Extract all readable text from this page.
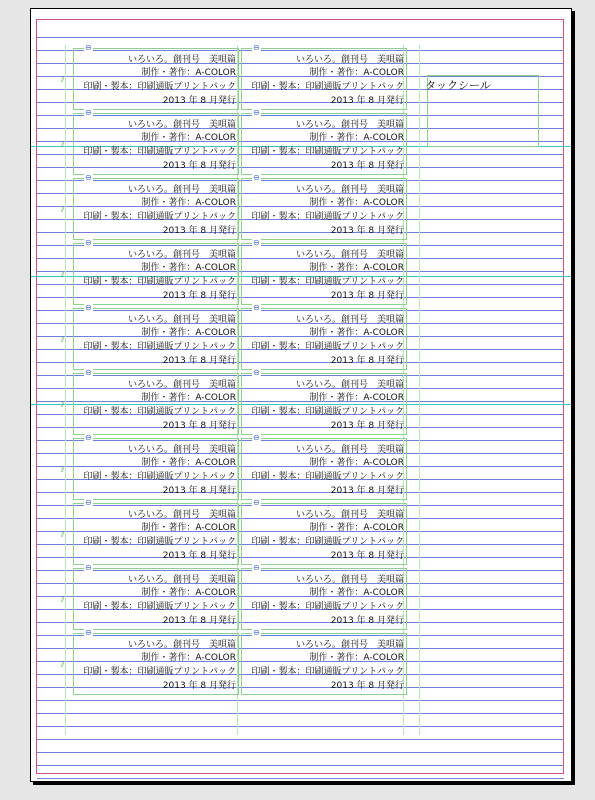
⊖
いろいろ。創刊号　美唄篇
制作・著作：A-COLOR
印刷・製本：印刷通販プリントパック
2013 年 8 月発行
⊖
いろいろ。創刊号　美唄篇
制作・著作：A-COLOR
印刷・製本：印刷通販プリントパック
2013 年 8 月発行
⫽
⊖
いろいろ。創刊号　美唄篇
制作・著作：A-COLOR
印刷・製本：印刷通販プリントパック
2013 年 8 月発行
⊖
いろいろ。創刊号　美唄篇
制作・著作：A-COLOR
印刷・製本：印刷通販プリントパック
2013 年 8 月発行
⫽
⊖
いろいろ。創刊号　美唄篇
制作・著作：A-COLOR
印刷・製本：印刷通販プリントパック
2013 年 8 月発行
⊖
いろいろ。創刊号　美唄篇
制作・著作：A-COLOR
印刷・製本：印刷通販プリントパック
2013 年 8 月発行
⫽
⊖
いろいろ。創刊号　美唄篇
制作・著作：A-COLOR
印刷・製本：印刷通販プリントパック
2013 年 8 月発行
⊖
いろいろ。創刊号　美唄篇
制作・著作：A-COLOR
印刷・製本：印刷通販プリントパック
2013 年 8 月発行
⫽
⊖
いろいろ。創刊号　美唄篇
制作・著作：A-COLOR
印刷・製本：印刷通販プリントパック
2013 年 8 月発行
⊖
いろいろ。創刊号　美唄篇
制作・著作：A-COLOR
印刷・製本：印刷通販プリントパック
2013 年 8 月発行
⫽
⊖
いろいろ。創刊号　美唄篇
制作・著作：A-COLOR
印刷・製本：印刷通販プリントパック
2013 年 8 月発行
⊖
いろいろ。創刊号　美唄篇
制作・著作：A-COLOR
印刷・製本：印刷通販プリントパック
2013 年 8 月発行
⫽
⊖
いろいろ。創刊号　美唄篇
制作・著作：A-COLOR
印刷・製本：印刷通販プリントパック
2013 年 8 月発行
⊖
いろいろ。創刊号　美唄篇
制作・著作：A-COLOR
印刷・製本：印刷通販プリントパック
2013 年 8 月発行
⫽
⊖
いろいろ。創刊号　美唄篇
制作・著作：A-COLOR
印刷・製本：印刷通販プリントパック
2013 年 8 月発行
⊖
いろいろ。創刊号　美唄篇
制作・著作：A-COLOR
印刷・製本：印刷通販プリントパック
2013 年 8 月発行
⫽
⊖
いろいろ。創刊号　美唄篇
制作・著作：A-COLOR
印刷・製本：印刷通販プリントパック
2013 年 8 月発行
⊖
いろいろ。創刊号　美唄篇
制作・著作：A-COLOR
印刷・製本：印刷通販プリントパック
2013 年 8 月発行
⫽
⊖
いろいろ。創刊号　美唄篇
制作・著作：A-COLOR
印刷・製本：印刷通販プリントパック
2013 年 8 月発行
⊖
いろいろ。創刊号　美唄篇
制作・著作：A-COLOR
印刷・製本：印刷通販プリントパック
2013 年 8 月発行
⫽
タックシール
